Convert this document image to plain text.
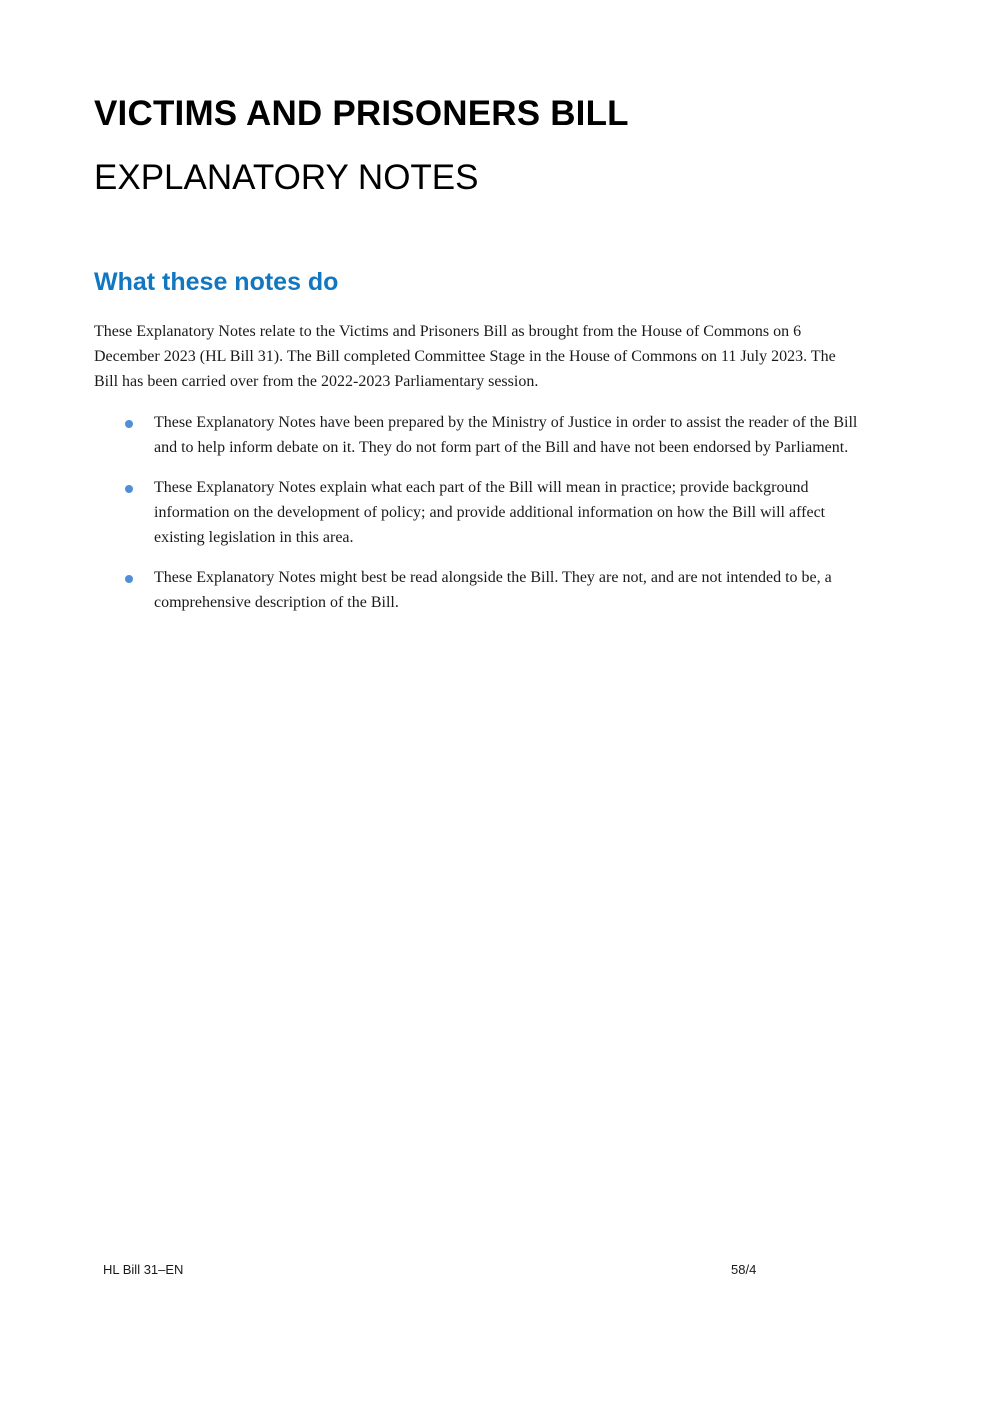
VICTIMS AND PRISONERS BILL
EXPLANATORY NOTES
What these notes do

These Explanatory Notes relate to the Victims and Prisoners Bill as brought from the House of Commons on 6 December 2023 (HL Bill 31). The Bill completed Committee Stage in the House of Commons on 11 July 2023. The Bill has been carried over from the 2022-2023 Parliamentary session.

These Explanatory Notes have been prepared by the Ministry of Justice in order to assist the reader of the Bill and to help inform debate on it. They do not form part of the Bill and have not been endorsed by Parliament.
These Explanatory Notes explain what each part of the Bill will mean in practice; provide background information on the development of policy; and provide additional information on how the Bill will affect existing legislation in this area.
These Explanatory Notes might best be read alongside the Bill. They are not, and are not intended to be, a comprehensive description of the Bill.

HL Bill 31–EN	58/4
